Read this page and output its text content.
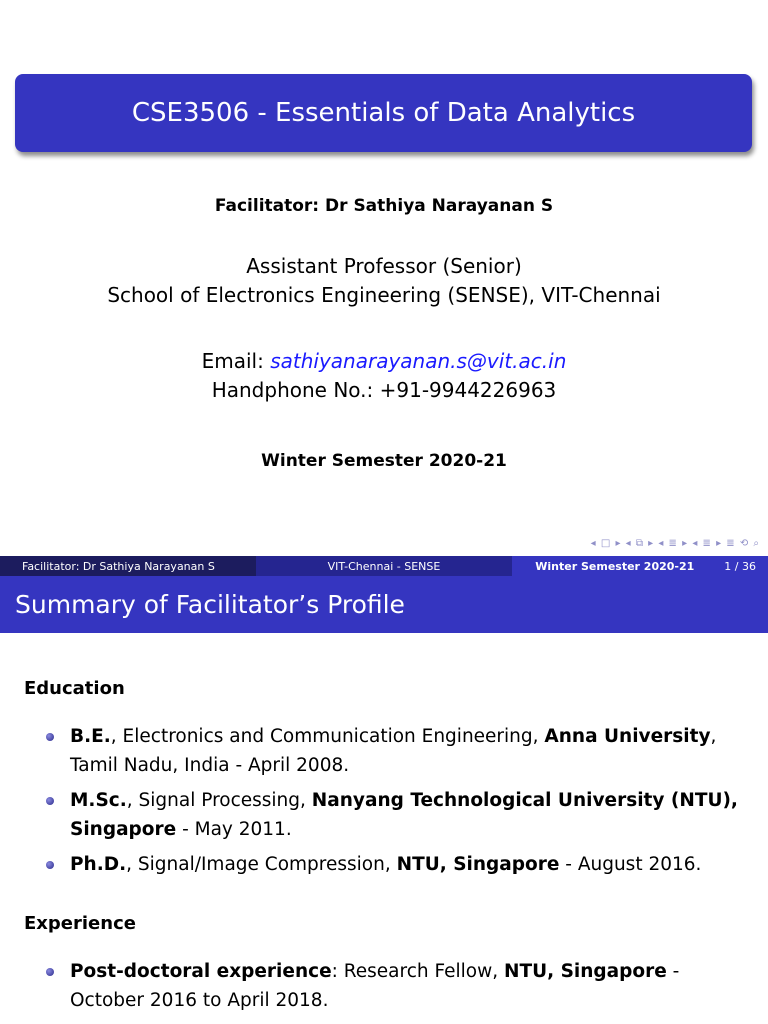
CSE3506 - Essentials of Data Analytics
Facilitator: Dr Sathiya Narayanan S
Assistant Professor (Senior)
School of Electronics Engineering (SENSE), VIT-Chennai
Email: sathiyanarayanan.s@vit.ac.in
Handphone No.: +91-9944226963
Winter Semester 2020-21
◂ □ ▸ ◂ ⧉ ▸ ◂ ≣ ▸ ◂ ≣ ▸ ≣ ⟲ ⌕
Facilitator: Dr Sathiya Narayanan S	VIT-Chennai - SENSE	Winter Semester 2020-21	1 / 36
Summary of Facilitator’s Profile
Education
B.E., Electronics and Communication Engineering, Anna University, Tamil Nadu, India - April 2008.
M.Sc., Signal Processing, Nanyang Technological University (NTU), Singapore - May 2011.
Ph.D., Signal/Image Compression, NTU, Singapore - August 2016.
Experience
Post-doctoral experience: Research Fellow, NTU, Singapore - October 2016 to April 2018.
